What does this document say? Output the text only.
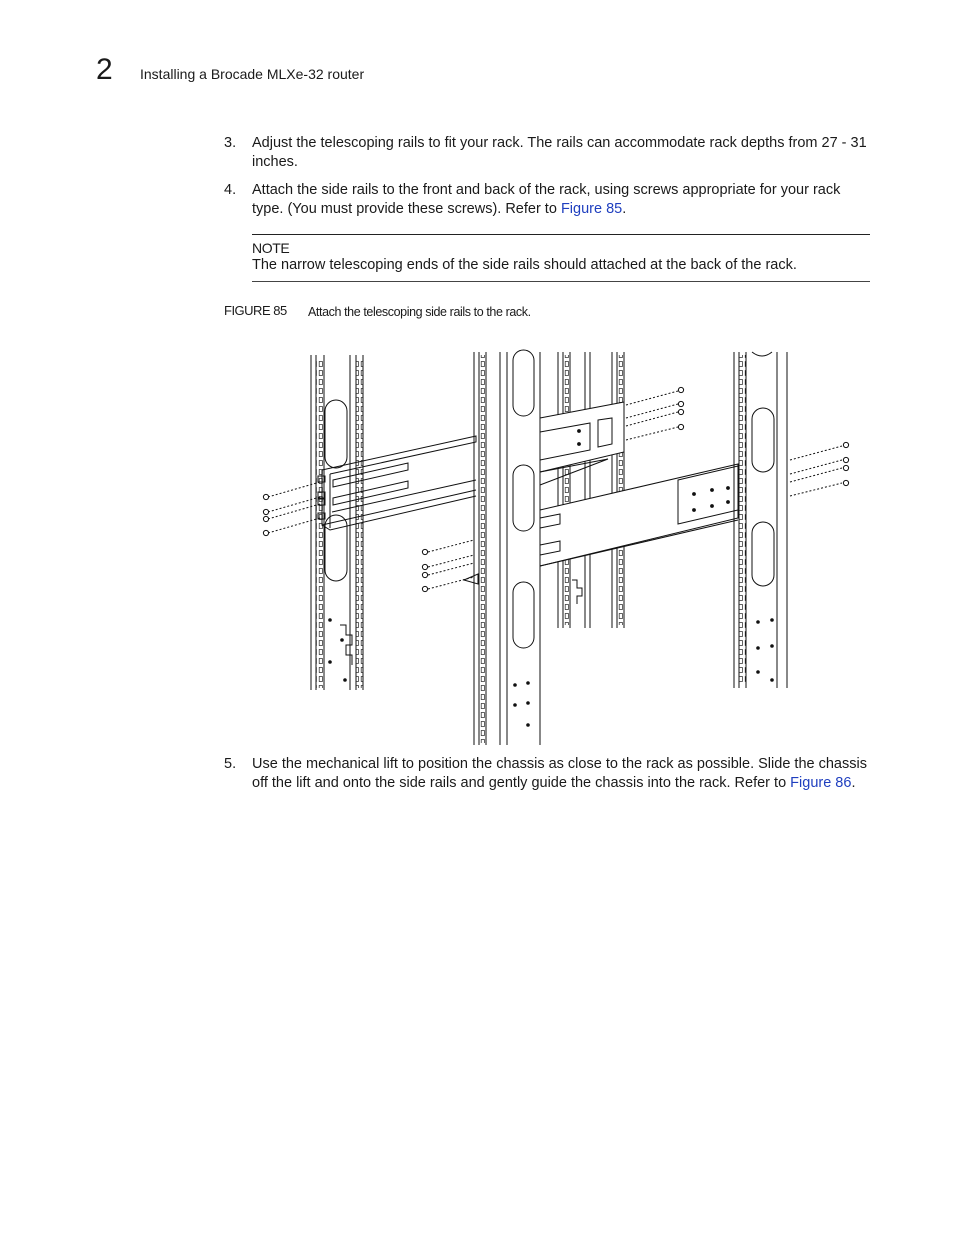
2 Installing a Brocade MLXe-32 router
3. Adjust the telescoping rails to fit your rack. The rails can accommodate rack depths from 27 - 31 inches.
4. Attach the side rails to the front and back of the rack, using screws appropriate for your rack type. (You must provide these screws). Refer to Figure 85.
NOTE
The narrow telescoping ends of the side rails should attached at the back of the rack.
FIGURE 85 Attach the telescoping side rails to the rack.
5. Use the mechanical lift to position the chassis as close to the rack as possible. Slide the chassis off the lift and onto the side rails and gently guide the chassis into the rack. Refer to Figure 86.
